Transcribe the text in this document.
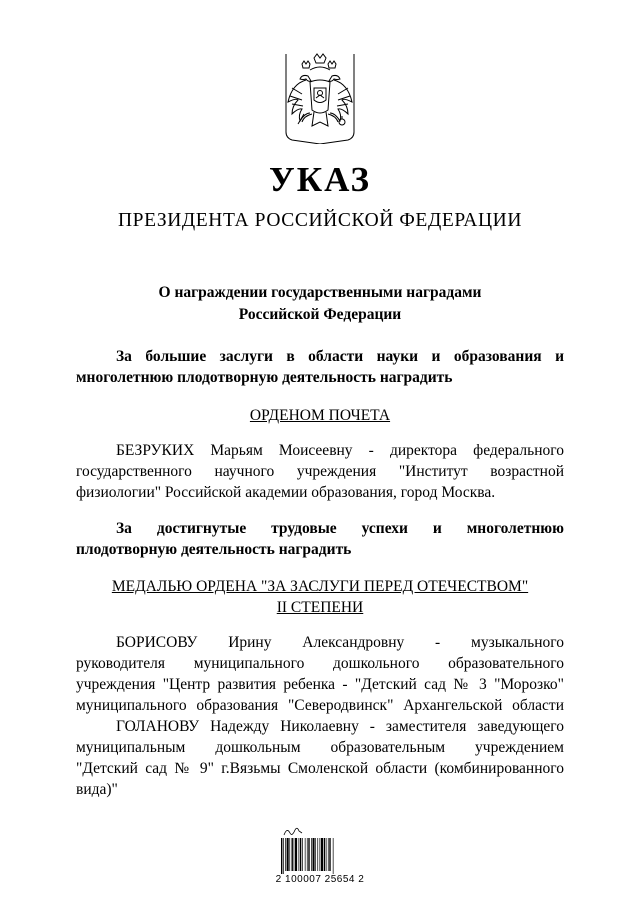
УКАЗ
ПРЕЗИДЕНТА РОССИЙСКОЙ ФЕДЕРАЦИИ
О награждении государственными наградами
Российской Федерации
За большие заслуги в области науки и образования и
многолетнюю плодотворную деятельность наградить
ОРДЕНОМ ПОЧЕТА
БЕЗРУКИХ Марьям Моисеевну - директора федерального
государственного научного учреждения "Институт возрастной
физиологии" Российской академии образования, город Москва.
За достигнутые трудовые успехи и многолетнюю
плодотворную деятельность наградить
МЕДАЛЬЮ ОРДЕНА "ЗА ЗАСЛУГИ ПЕРЕД ОТЕЧЕСТВОМ"
II СТЕПЕНИ
БОРИСОВУ Ирину Александровну - музыкального
руководителя муниципального дошкольного образовательного
учреждения "Центр развития ребенка - "Детский сад № 3 "Морозко"
муниципального образования "Северодвинск" Архангельской области
ГОЛАНОВУ Надежду Николаевну - заместителя заведующего
муниципальным дошкольным образовательным учреждением
"Детский сад № 9" г.Вязьмы Смоленской области (комбинированного
вида)"
2 100007 25654 2
